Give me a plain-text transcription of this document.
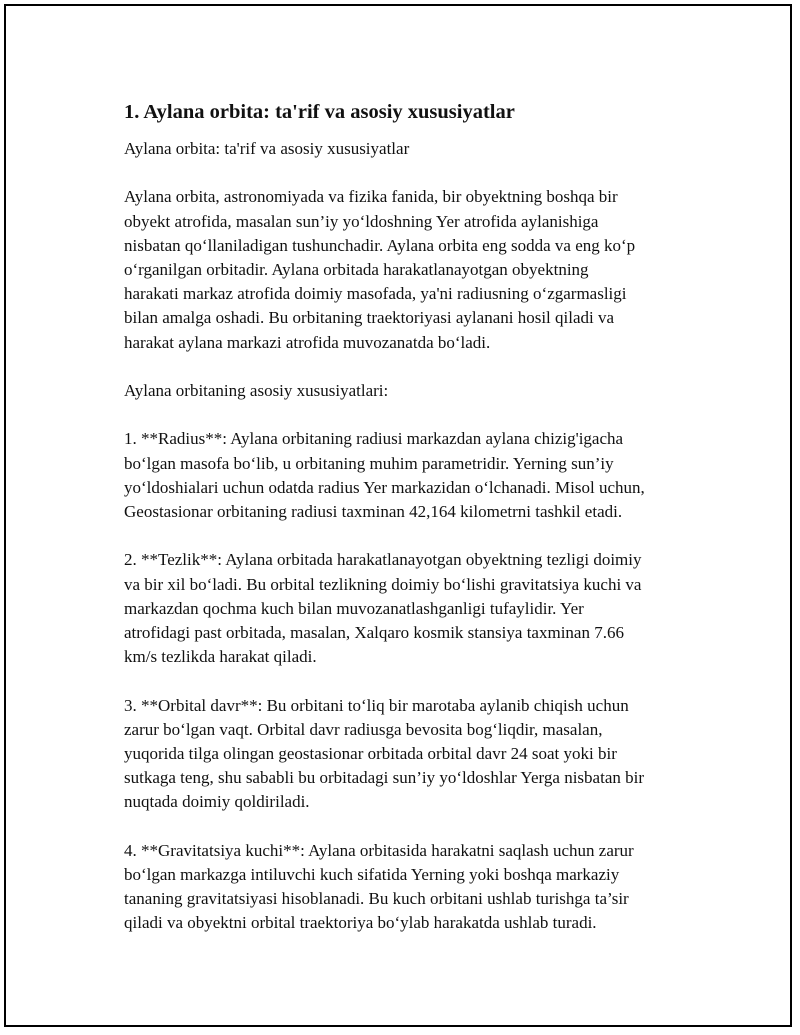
1. Aylana orbita: ta'rif va asosiy xususiyatlar
Aylana orbita: ta'rif va asosiy xususiyatlar
Aylana orbita, astronomiyada va fizika fanida, bir obyektning boshqa bir
obyekt atrofida, masalan sun’iy yo‘ldoshning Yer atrofida aylanishiga
nisbatan qo‘llaniladigan tushunchadir. Aylana orbita eng sodda va eng ko‘p
o‘rganilgan orbitadir. Aylana orbitada harakatlanayotgan obyektning
harakati markaz atrofida doimiy masofada, ya'ni radiusning o‘zgarmasligi
bilan amalga oshadi. Bu orbitaning traektoriyasi aylanani hosil qiladi va
harakat aylana markazi atrofida muvozanatda bo‘ladi.
Aylana orbitaning asosiy xususiyatlari:
1. **Radius**: Aylana orbitaning radiusi markazdan aylana chizig'igacha
bo‘lgan masofa bo‘lib, u orbitaning muhim parametridir. Yerning sun’iy
yo‘ldoshialari uchun odatda radius Yer markazidan o‘lchanadi. Misol uchun,
Geostasionar orbitaning radiusi taxminan 42,164 kilometrni tashkil etadi.
2. **Tezlik**: Aylana orbitada harakatlanayotgan obyektning tezligi doimiy
va bir xil bo‘ladi. Bu orbital tezlikning doimiy bo‘lishi gravitatsiya kuchi va
markazdan qochma kuch bilan muvozanatlashganligi tufaylidir. Yer
atrofidagi past orbitada, masalan, Xalqaro kosmik stansiya taxminan 7.66
km/s tezlikda harakat qiladi.
3. **Orbital davr**: Bu orbitani to‘liq bir marotaba aylanib chiqish uchun
zarur bo‘lgan vaqt. Orbital davr radiusga bevosita bog‘liqdir, masalan,
yuqorida tilga olingan geostasionar orbitada orbital davr 24 soat yoki bir
sutkaga teng, shu sababli bu orbitadagi sun’iy yo‘ldoshlar Yerga nisbatan bir
nuqtada doimiy qoldiriladi.
4. **Gravitatsiya kuchi**: Aylana orbitasida harakatni saqlash uchun zarur
bo‘lgan markazga intiluvchi kuch sifatida Yerning yoki boshqa markaziy
tananing gravitatsiyasi hisoblanadi. Bu kuch orbitani ushlab turishga ta’sir
qiladi va obyektni orbital traektoriya bo‘ylab harakatda ushlab turadi.
